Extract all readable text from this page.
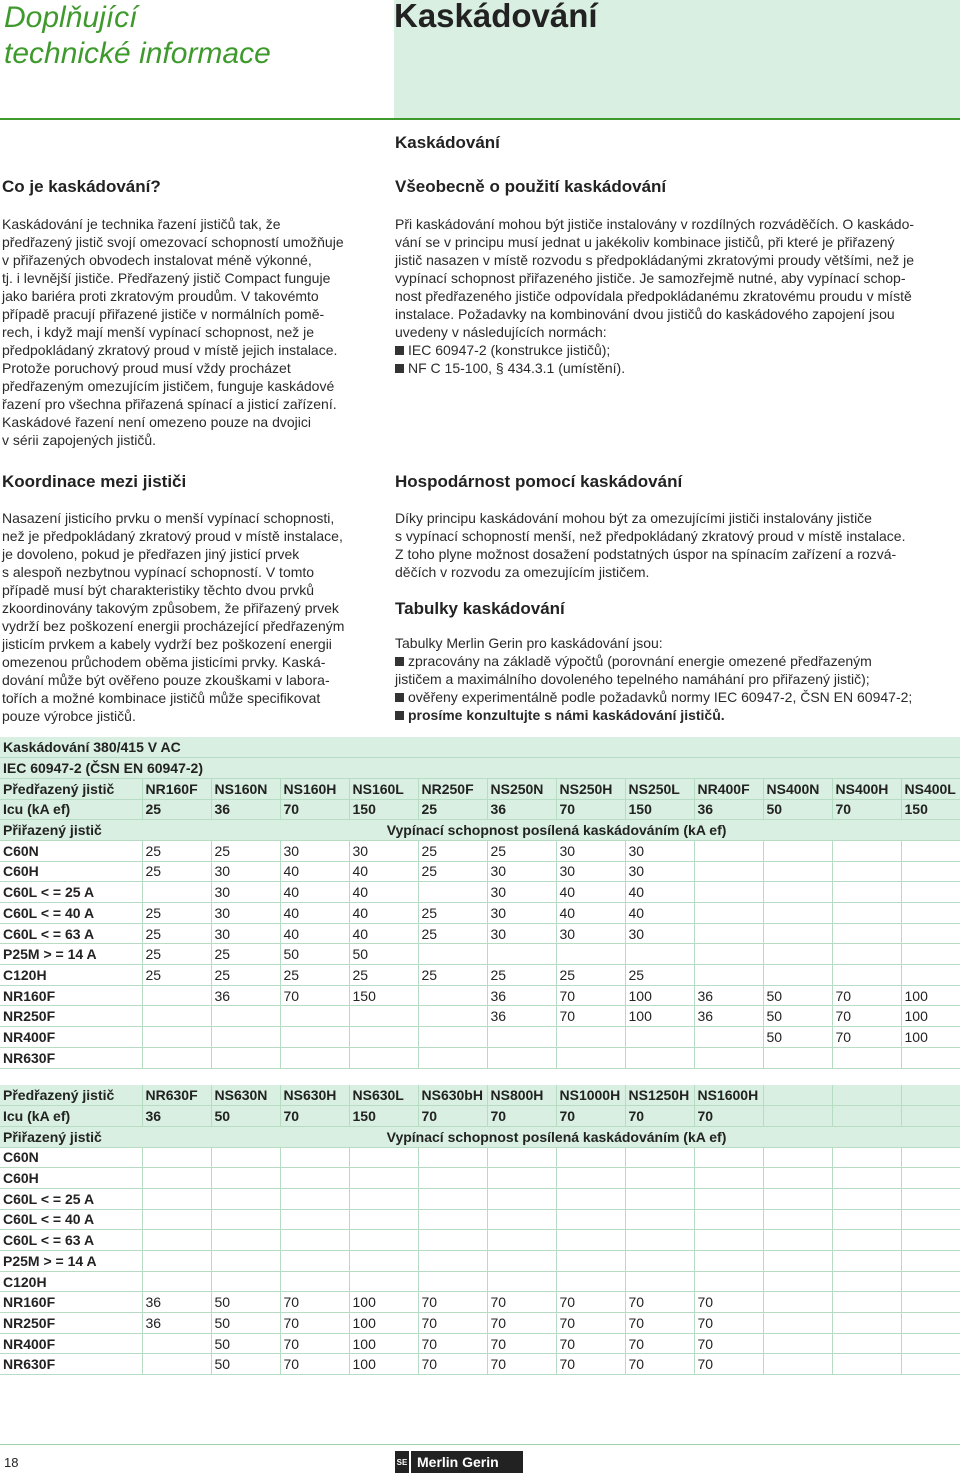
Doplňující
technické informace
Kaskádování
Kaskádování
Co je kaskádování?

Kaskádování je technika řazení jističů tak, že

předřazený jistič svojí omezovací schopností umožňuje

v přiřazených obvodech instalovat méně výkonné,

tj. i levnější jističe. Předřazený jistič Compact funguje

jako bariéra proti zkratovým proudům. V takovémto

případě pracují přiřazené jističe v normálních pomě-

rech, i když mají menší vypínací schopnost, než je

předpokládaný zkratový proud v místě jejich instalace.

Protože poruchový proud musí vždy procházet

předřazeným omezujícím jističem, funguje kaskádové

řazení pro všechna přiřazená spínací a jisticí zařízení.

Kaskádové řazení není omezeno pouze na dvojici

v sérii zapojených jističů.

Všeobecně o použití kaskádování

Při kaskádování mohou být jističe instalovány v rozdílných rozváděčích. O kaskádo-

vání se v principu musí jednat u jakékoliv kombinace jističů, při které je přiřazený

jistič nasazen v místě rozvodu s předpokládanými zkratovými proudy většími, než je

vypínací schopnost přiřazeného jističe. Je samozřejmě nutné, aby vypínací schop-

nost předřazeného jističe odpovídala předpokládanému zkratovému proudu v místě

instalace. Požadavky na kombinování dvou jističů do kaskádového zapojení jsou

uvedeny v následujících normách:

IEC 60947-2 (konstrukce jističů);

NF C 15-100, § 434.3.1 (umístění).

Koordinace mezi jističi

Nasazení jisticího prvku o menší vypínací schopnosti,

než je předpokládaný zkratový proud v místě instalace,

je dovoleno, pokud je předřazen jiný jisticí prvek

s alespoň nezbytnou vypínací schopností. V tomto

případě musí být charakteristiky těchto dvou prvků

zkoordinovány takovým způsobem, že přiřazený prvek

vydrží bez poškození energii procházející předřazeným

jisticím prvkem a kabely vydrží bez poškození energii

omezenou průchodem oběma jisticími prvky. Kaská-

dování může být ověřeno pouze zkouškami v labora-

tořích a možné kombinace jističů může specifikovat

pouze výrobce jističů.

Hospodárnost pomocí kaskádování

Díky principu kaskádování mohou být za omezujícími jističi instalovány jističe

s vypínací schopností menší, než předpokládaný zkratový proud v místě instalace.

Z toho plyne možnost dosažení podstatných úspor na spínacím zařízení a rozvá-

děčích v rozvodu za omezujícím jističem.

Tabulky kaskádování

Tabulky Merlin Gerin pro kaskádování jsou:

zpracovány na základě výpočtů (porovnání energie omezené předřazeným

jističem a maximálního dovoleného tepelného namáhání pro přiřazený jistič);

ověřeny experimentálně podle požadavků normy IEC 60947-2, ČSN EN 60947-2;

prosíme konzultujte s námi kaskádování jističů.

Kaskádování 380/415 V AC												
IEC 60947-2 (ČSN EN 60947-2)												
Předřazený jistič	NR160F	NS160N	NS160H	NS160L	NR250F	NS250N	NS250H	NS250L	NR400F	NS400N	NS400H	NS400L
Icu (kA ef)	25	36	70	150	25	36	70	150	36	50	70	150
Přiřazený jistič	Vypínací schopnost posílená kaskádováním (kA ef)											
C60N	25	25	30	30	25	25	30	30				
C60H	25	30	40	40	25	30	30	30				
C60L < = 25 A		30	40	40		30	40	40				
C60L < = 40 A	25	30	40	40	25	30	40	40				
C60L < = 63 A	25	30	40	40	25	30	30	30				
P25M > = 14 A	25	25	50	50								
C120H	25	25	25	25	25	25	25	25				
NR160F		36	70	150		36	70	100	36	50	70	100
NR250F						36	70	100	36	50	70	100
NR400F										50	70	100
NR630F												
Předřazený jistič	NR630F	NS630N	NS630H	NS630L	NS630bH	NS800H	NS1000H	NS1250H	NS1600H			
Icu (kA ef)	36	50	70	150	70	70	70	70	70			
Přiřazený jistič	Vypínací schopnost posílená kaskádováním (kA ef)											
C60N												
C60H												
C60L < = 25 A												
C60L < = 40 A												
C60L < = 63 A												
P25M > = 14 A												
C120H												
NR160F	36	50	70	100	70	70	70	70	70			
NR250F	36	50	70	100	70	70	70	70	70			
NR400F		50	70	100	70	70	70	70	70			
NR630F		50	70	100	70	70	70	70	70			
18	SE Merlin Gerin
